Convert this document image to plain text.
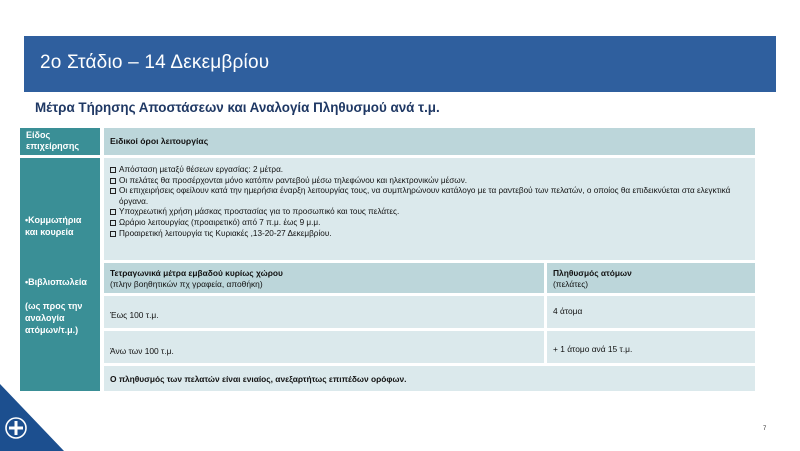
2ο Στάδιο – 14 Δεκεμβρίου
Μέτρα Τήρησης Αποστάσεων και Αναλογία Πληθυσμού ανά τ.μ.
Είδος
επιχείρησης
•Κομμωτήρια
και κουρεία
•Βιβλιοπωλεία

(ως προς την
αναλογία
ατόμων/τ.μ.)
Ειδικοί όροι λειτουργίας
Απόσταση μεταξύ θέσεων εργασίας: 2 μέτρα.
Οι πελάτες θα προσέρχονται μόνο κατόπιν ραντεβού μέσω τηλεφώνου και ηλεκτρονικών μέσων.
Οι επιχειρήσεις οφείλουν κατά την ημερήσια έναρξη λειτουργίας τους, να συμπληρώνουν κατάλογο με τα ραντεβού των πελατών, ο οποίος θα επιδεικνύεται στα ελεγκτικά όργανα.
Υποχρεωτική χρήση μάσκας προστασίας για το προσωπικό και τους πελάτες.
Ωράριο λειτουργίας (προαιρετικό) από 7 π.μ. έως 9 μ.μ.
Προαιρετική λειτουργία τις Κυριακές ,13-20-27 Δεκεμβρίου.
Τετραγωνικά μέτρα εμβαδού κυρίως χώρου
(πλην βοηθητικών πχ γραφεία, αποθήκη)
Πληθυσμός ατόμων
(πελάτες)
Έως 100 τ.μ.	4 άτομα
Άνω των 100 τ.μ.	+ 1 άτομο ανά 15 τ.μ.
Ο πληθυσμός των πελατών είναι ενιαίος, ανεξαρτήτως επιπέδων ορόφων.
7
